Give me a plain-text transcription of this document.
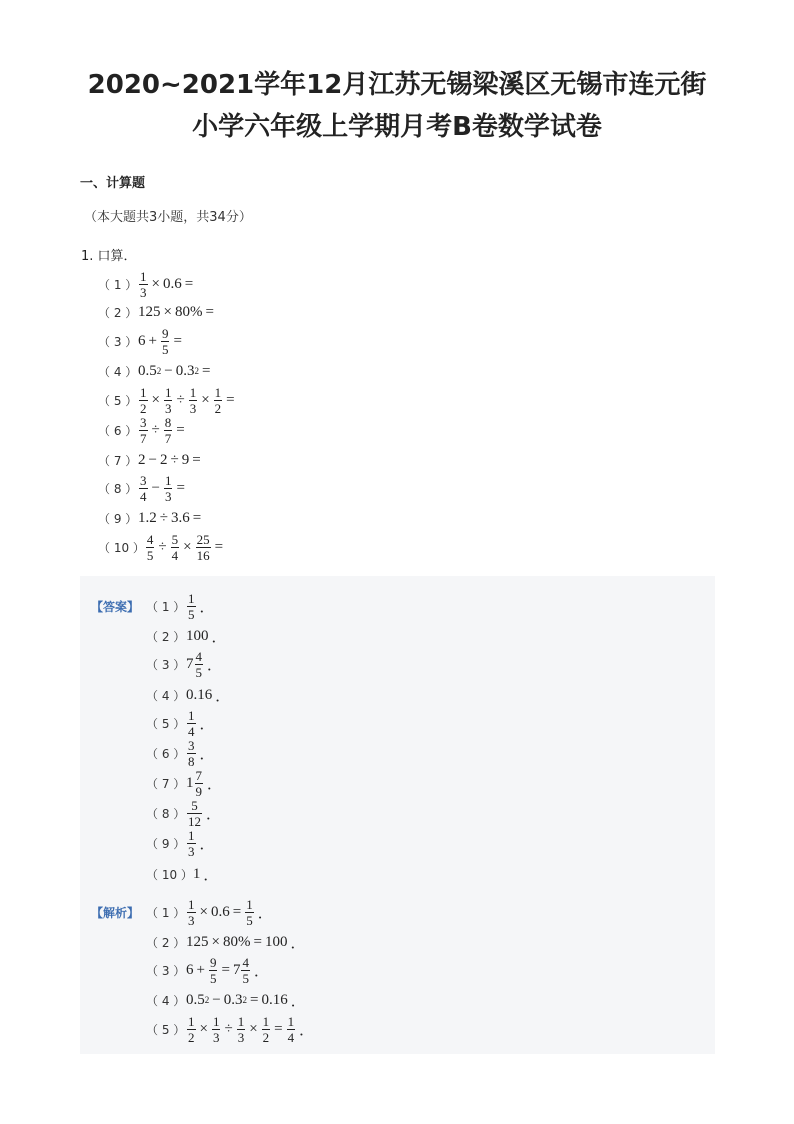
2020~2021学年12月江苏无锡梁溪区无锡市连元街
小学六年级上学期月考B卷数学试卷
一、计算题
（本大题共3小题，共34分）
1. 口算．
（ 1 ） $\frac{1}{3} \times 0.6$ =
（ 2 ） 125 × 80% =
（ 3 ） $6 + \frac{9}{5}$ =
（ 4 ） 0.5 2 − 0.3 2 =
（ 5 ） $\frac{1}{2} \times \frac{1}{3} \div \frac{1}{3} \times \frac{1}{2}$ =
（ 6 ） $\frac{3}{7} \div \frac{8}{7}$ =
（ 7 ） 2 − 2 ÷ 9 =
（ 8 ） $\frac{3}{4} - \frac{1}{3}$ =
（ 9 ） 1.2 ÷ 3.6 =
（ 10 ） $\frac{4}{5} \div \frac{5}{4} \times \frac{25}{16}$ =
【答案】 （ 1 ） $\frac{1}{5}$ ．
（ 2 ） 100 ．
（ 3 ） $7 \frac{4}{5}$ ．
（ 4 ） 0.16 ．
（ 5 ） $\frac{1}{4}$ ．
（ 6 ） $\frac{3}{8}$ ．
（ 7 ） $1 \frac{7}{9}$ ．
（ 8 ） $\frac{5}{12}$ ．
（ 9 ） $\frac{1}{3}$ ．
（ 10 ） 1 ．
【解析】 （ 1 ） $\frac{1}{3} \times 0.6 = \frac{1}{5}$ ．
（ 2 ） 125 × 80% = 100 ．
（ 3 ） $6 + \frac{9}{5} = 7 \frac{4}{5}$ ．
（ 4 ） 0.5 2 − 0.3 2 = 0.16 ．
（ 5 ） $\frac{1}{2} \times \frac{1}{3} \div \frac{1}{3} \times \frac{1}{2} = \frac{1}{4}$ ．
